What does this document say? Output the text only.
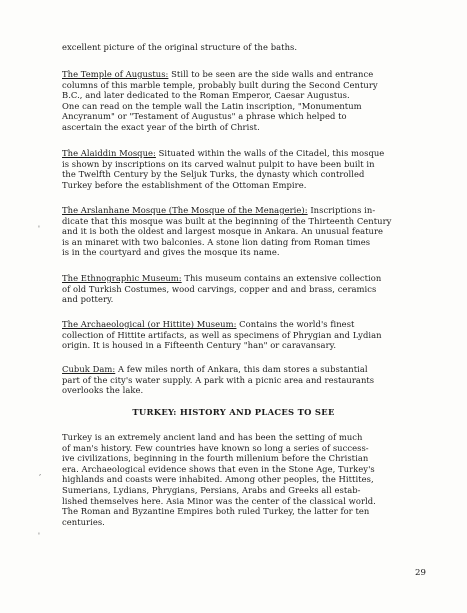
excellent picture of the original structure of the baths.
The Temple of Augustus: Still to be seen are the side walls and entrance
columns of this marble temple, probably built during the Second Century
B.C., and later dedicated to the Roman Emperor, Caesar Augustus.
One can read on the temple wall the Latin inscription, "Monumentum
Ancyranum" or "Testament of Augustus" a phrase which helped to
ascertain the exact year of the birth of Christ.
The Alaiddin Mosque: Situated within the walls of the Citadel, this mosque
is shown by inscriptions on its carved walnut pulpit to have been built in
the Twelfth Century by the Seljuk Turks, the dynasty which controlled
Turkey before the establishment of the Ottoman Empire.
The Arslanhane Mosque (The Mosque of the Menagerie): Inscriptions in-
dicate that this mosque was built at the beginning of the Thirteenth Century
and it is both the oldest and largest mosque in Ankara. An unusual feature
is an minaret with two balconies. A stone lion dating from Roman times
is in the courtyard and gives the mosque its name.
The Ethnographic Museum: This museum contains an extensive collection
of old Turkish Costumes, wood carvings, copper and and brass, ceramics
and pottery.
The Archaeological (or Hittite) Museum: Contains the world's finest
collection of Hittite artifacts, as well as specimens of Phrygian and Lydian
origin. It is housed in a Fifteenth Century "han" or caravansary.
Cubuk Dam: A few miles north of Ankara, this dam stores a substantial
part of the city's water supply. A park with a picnic area and restaurants
overlooks the lake.
TURKEY: HISTORY AND PLACES TO SEE
Turkey is an extremely ancient land and has been the setting of much
of man's history. Few countries have known so long a series of success-
ive civilizations, beginning in the fourth millenium before the Christian
era. Archaeological evidence shows that even in the Stone Age, Turkey's
highlands and coasts were inhabited. Among other peoples, the Hittites,
Sumerians, Lydians, Phrygians, Persians, Arabs and Greeks all estab-
lished themselves here. Asia Minor was the center of the classical world.
The Roman and Byzantine Empires both ruled Turkey, the latter for ten
centuries.
29
'
,
'
